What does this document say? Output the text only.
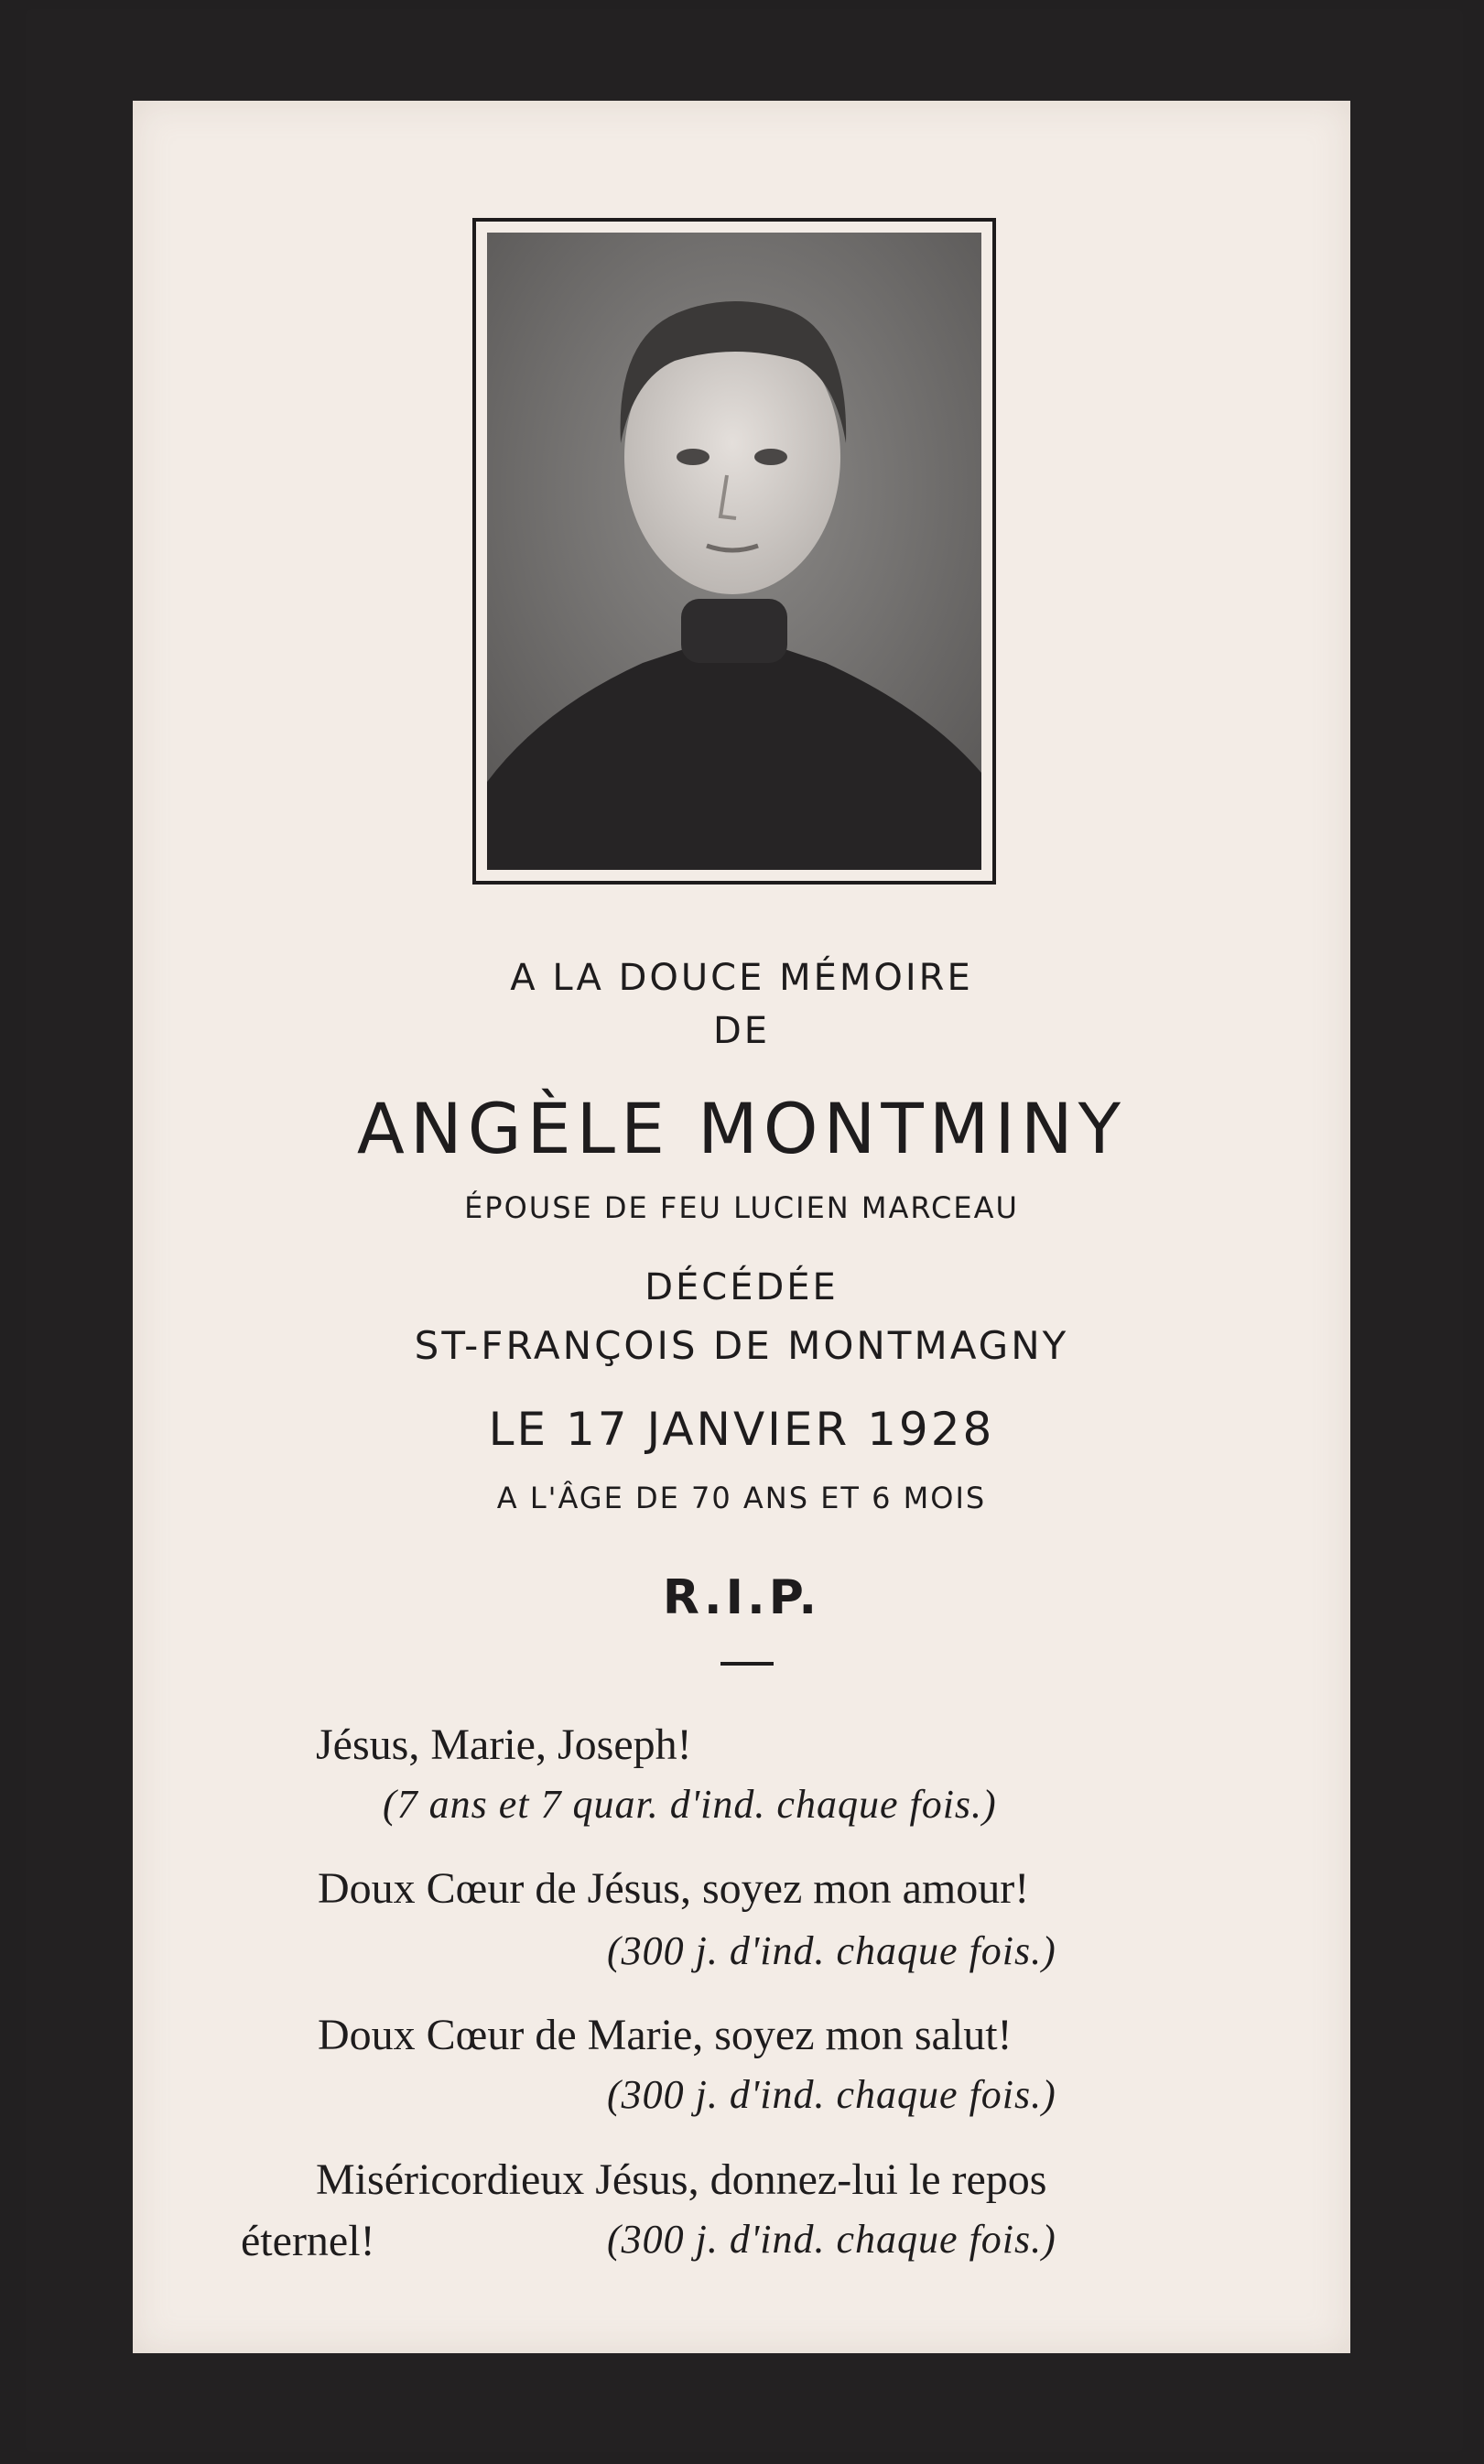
A LA DOUCE MÉMOIRE
DE
ANGÈLE MONTMINY
ÉPOUSE DE FEU LUCIEN MARCEAU
DÉCÉDÉE
ST-FRANÇOIS DE MONTMAGNY
LE 17 JANVIER 1928
A L'ÂGE DE 70 ANS ET 6 MOIS
R.I.P.
Jésus, Marie, Joseph!
(7 ans et 7 quar. d'ind. chaque fois.)
Doux Cœur de Jésus, soyez mon amour!
(300 j. d'ind. chaque fois.)
Doux Cœur de Marie, soyez mon salut!
(300 j. d'ind. chaque fois.)
Miséricordieux Jésus, donnez-lui le repos
éternel!	(300 j. d'ind. chaque fois.)
